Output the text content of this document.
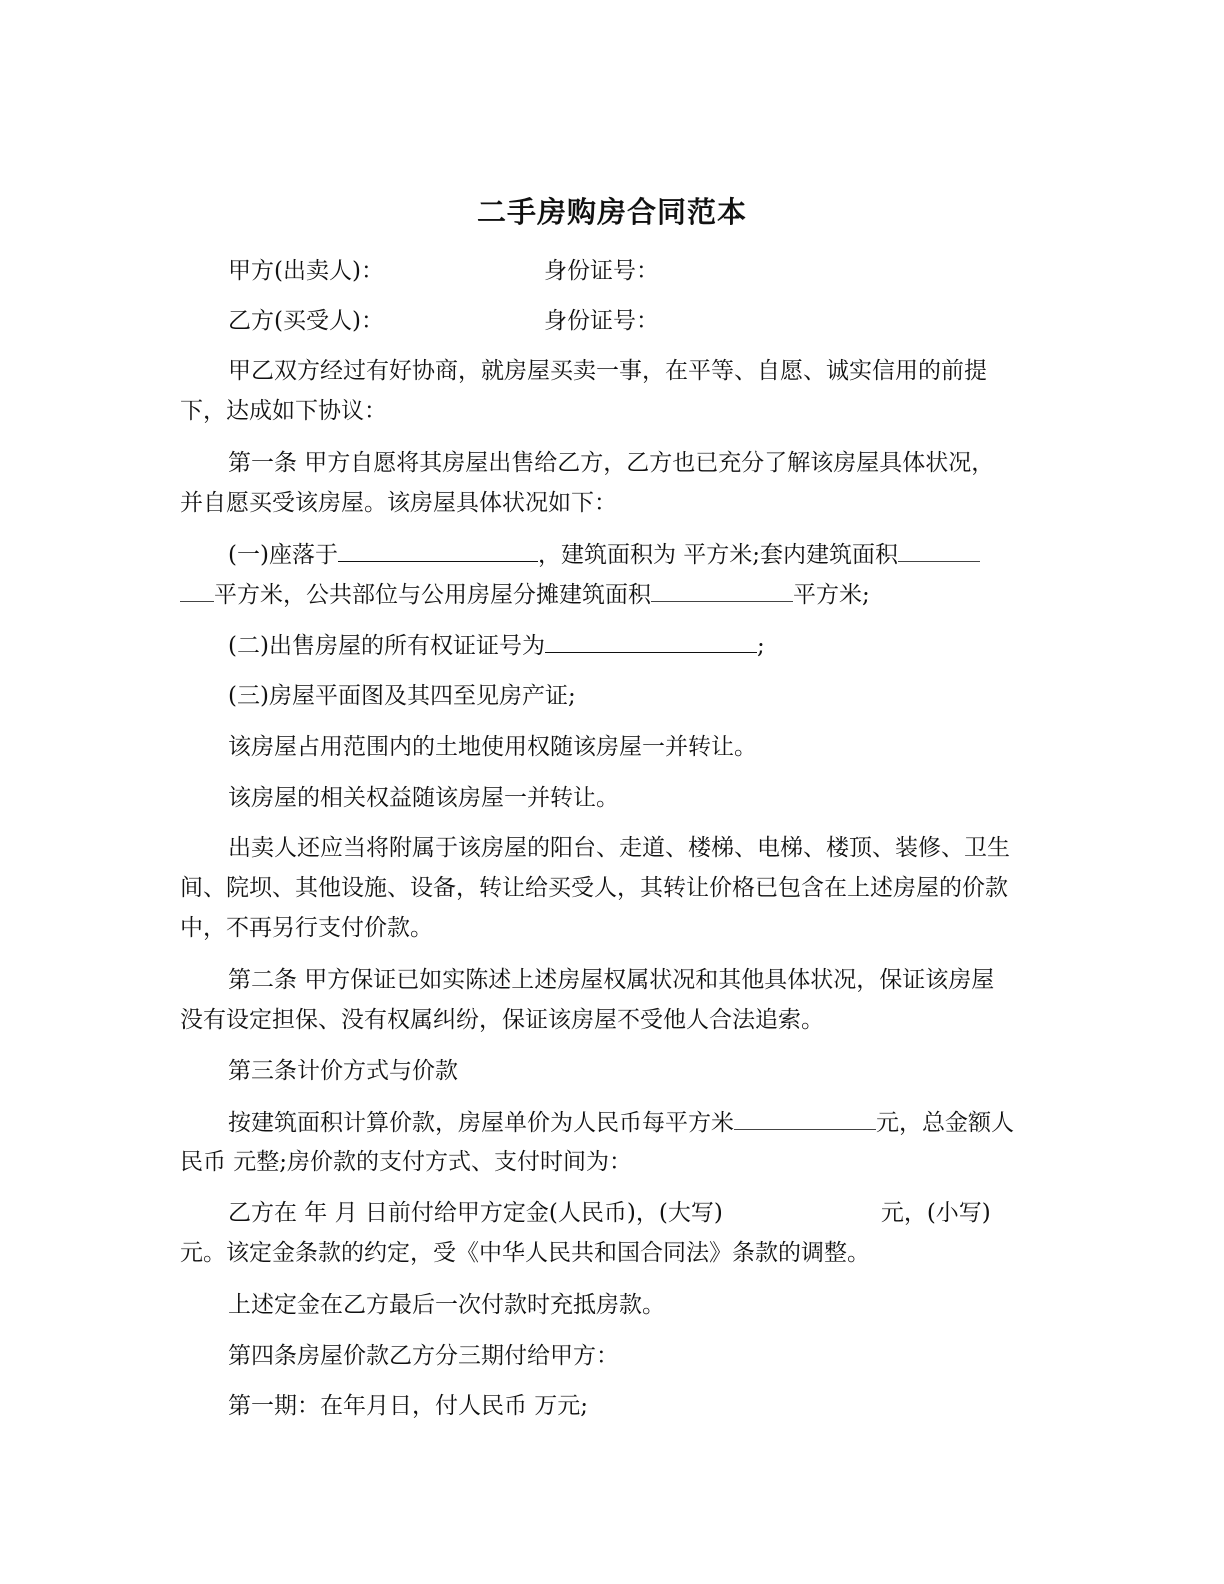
二手房购房合同范本
甲方(出卖人)：	身份证号：
乙方(买受人)：	身份证号：
甲乙双方经过有好协商，就房屋买卖一事，在平等、自愿、诚实信用的前提
下，达成如下协议：
第一条 甲方自愿将其房屋出售给乙方，乙方也已充分了解该房屋具体状况，
并自愿买受该房屋。该房屋具体状况如下：
(一)座落于	，建筑面积为 平方米;套内建筑面积
平方米，公共部位与公用房屋分摊建筑面积	平方米;
(二)出售房屋的所有权证证号为	;
(三)房屋平面图及其四至见房产证;
该房屋占用范围内的土地使用权随该房屋一并转让。
该房屋的相关权益随该房屋一并转让。
出卖人还应当将附属于该房屋的阳台、走道、楼梯、电梯、楼顶、装修、卫生
间、院坝、其他设施、设备，转让给买受人，其转让价格已包含在上述房屋的价款
中，不再另行支付价款。
第二条 甲方保证已如实陈述上述房屋权属状况和其他具体状况，保证该房屋
没有设定担保、没有权属纠纷，保证该房屋不受他人合法追索。
第三条计价方式与价款
按建筑面积计算价款，房屋单价为人民币每平方米	元，总金额人
民币 元整;房价款的支付方式、支付时间为：
乙方在 年 月 日前付给甲方定金(人民币)，(大写)	元，(小写)
元。该定金条款的约定，受《中华人民共和国合同法》条款的调整。
上述定金在乙方最后一次付款时充抵房款。
第四条房屋价款乙方分三期付给甲方：
第一期：在年月日，付人民币 万元;
